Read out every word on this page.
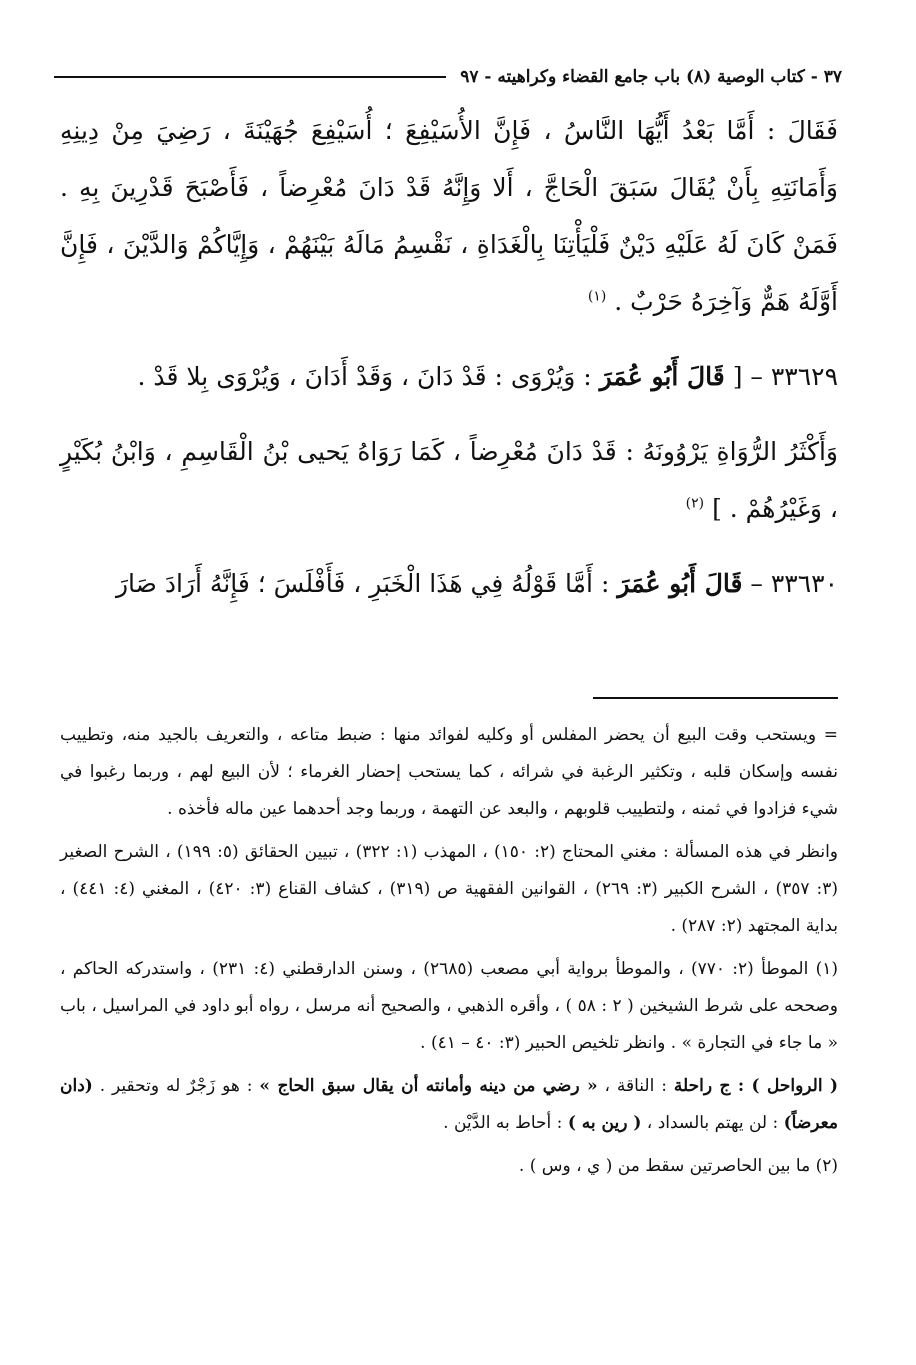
٣٧ - كتاب الوصية (٨) باب جامع القضاء وكراهيته - ٩٧

فَقَالَ : أَمَّا بَعْدُ أَيُّهَا النَّاسُ ، فَإِنَّ الأُسَيْفِعَ ؛ أُسَيْفِعَ جُهَيْنَةَ ، رَضِيَ مِنْ دِينِهِ وَأَمَانَتِهِ بِأَنْ يُقَالَ سَبَقَ الْحَاجَّ ، أَلا وَإِنَّهُ قَدْ دَانَ مُعْرِضاً ، فَأَصْبَحَ قَدْرِينَ بِهِ . فَمَنْ كَانَ لَهُ عَلَيْهِ دَيْنٌ فَلْيَأْتِنَا بِالْغَدَاةِ ، نَقْسِمُ مَالَهُ بَيْنَهُمْ ، وَإِيَّاكُمْ وَالدَّيْنَ ، فَإِنَّ أَوَّلَهُ هَمٌّ وَآخِرَهُ حَرْبٌ . $^{(١)}$

٣٣٦٢٩ – [ قَالَ أَبُو عُمَرَ : وَيُرْوَى : قَدْ دَانَ ، وَقَدْ أَدَانَ ، وَيُرْوَى بِلا قَدْ .

وَأَكْثَرُ الرُّوَاةِ يَرْوُونَهُ : قَدْ دَانَ مُعْرِضاً ، كَمَا رَوَاهُ يَحيى بْنُ الْقَاسِمِ ، وَابْنُ بُكَيْرٍ ، وَغَيْرُهُمْ . ] $^{(٢)}$

٣٣٦٣٠ – قَالَ أَبُو عُمَرَ : أَمَّا قَوْلُهُ فِي هَذَا الْخَبَرِ ، فَأَفْلَسَ ؛ فَإِنَّهُ أَرَادَ صَارَ

= ويستحب وقت البيع أن يحضر المفلس أو وكليه لفوائد منها : ضبط متاعه ، والتعريف بالجيد منه، وتطييب نفسه وإسكان قلبه ، وتكثير الرغبة في شرائه ، كما يستحب إحضار الغرماء ؛ لأن البيع لهم ، وربما رغبوا في شيء فزادوا في ثمنه ، ولتطييب قلوبهم ، والبعد عن التهمة ، وربما وجد أحدهما عين ماله فأخذه .

وانظر في هذه المسألة : مغني المحتاج (٢: ١٥٠) ، المهذب (١: ٣٢٢) ، تبيين الحقائق (٥: ١٩٩) ، الشرح الصغير (٣: ٣٥٧) ، الشرح الكبير (٣: ٢٦٩) ، القوانين الفقهية ص (٣١٩) ، كشاف القناع (٣: ٤٢٠) ، المغني (٤: ٤٤١) ، بداية المجتهد (٢: ٢٨٧) .

(١) الموطأ (٢: ٧٧٠) ، والموطأ برواية أبي مصعب (٢٦٨٥) ، وسنن الدارقطني (٤: ٢٣١) ، واستدركه الحاكم ، وصححه على شرط الشيخين ( ٢ : ٥٨ ) ، وأقره الذهبي ، والصحيح أنه مرسل ، رواه أبو داود في المراسيل ، باب « ما جاء في التجارة » . وانظر تلخيص الحبير (٣: ٤٠ – ٤١) .

( الرواحل ) : ج راحلة : الناقة ، « رضي من دينه وأمانته أن يقال سبق الحاج » : هو زَجْرٌ له وتحقير . (دان معرضاً) : لن يهتم بالسداد ، ( رين به ) : أحاط به الدَّيْن .

(٢) ما بين الحاصرتين سقط من ( ي ، وس ) .
